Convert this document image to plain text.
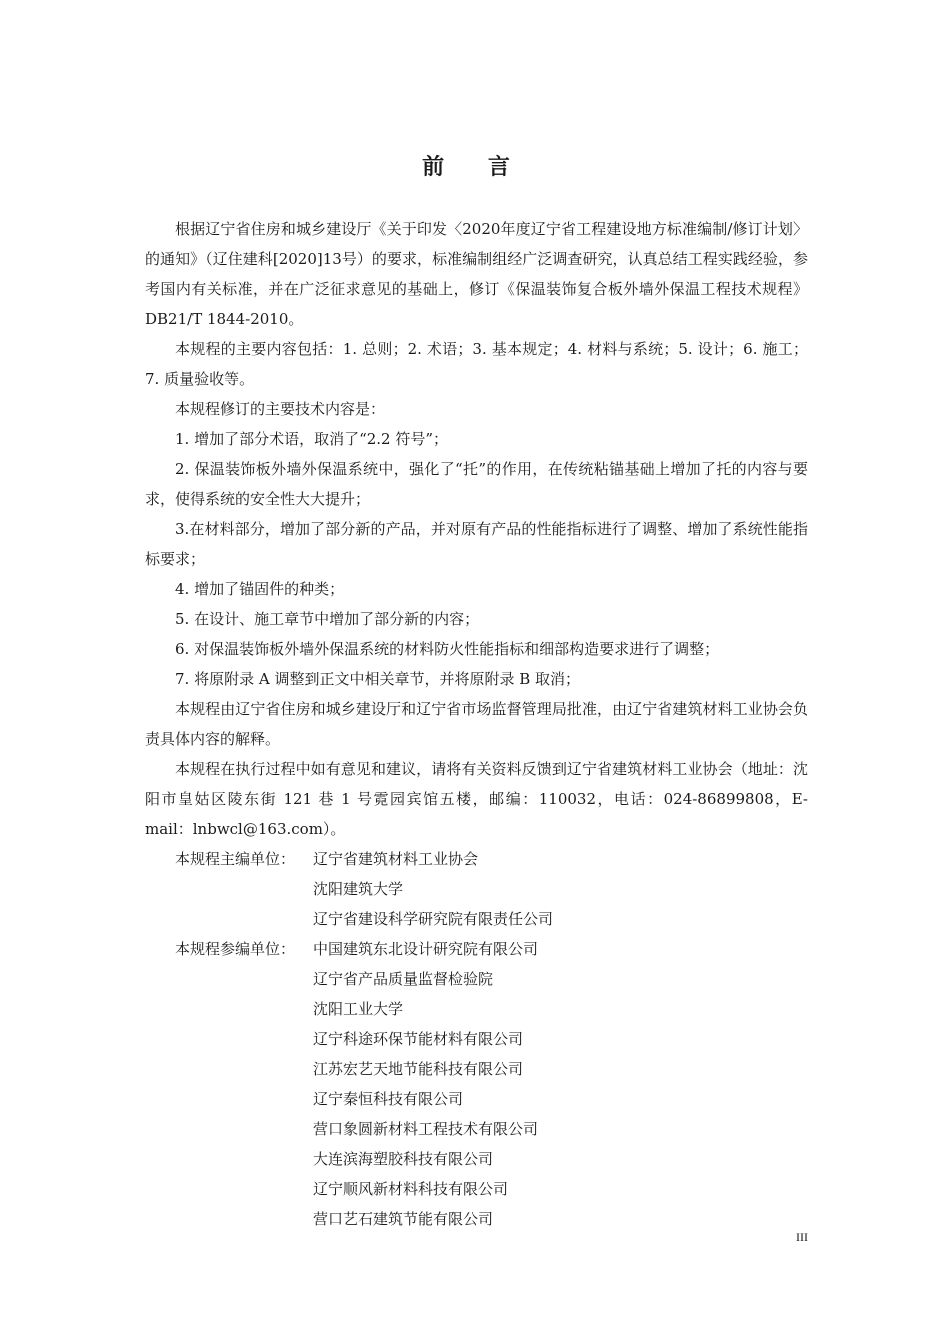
前 言

根据辽宁省住房和城乡建设厅《关于印发〈2020年度辽宁省工程建设地方标准编制/修订计划〉的通知》（辽住建科[2020]13号）的要求，标准编制组经广泛调查研究，认真总结工程实践经验，参考国内有关标准，并在广泛征求意见的基础上，修订《保温装饰复合板外墙外保温工程技术规程》DB21/T 1844-2010。

本规程的主要内容包括：1. 总则；2. 术语；3. 基本规定；4. 材料与系统；5. 设计；6. 施工；7. 质量验收等。

本规程修订的主要技术内容是：

1. 增加了部分术语，取消了“2.2 符号”；

2. 保温装饰板外墙外保温系统中，强化了“托”的作用，在传统粘锚基础上增加了托的内容与要求，使得系统的安全性大大提升；

3.在材料部分，增加了部分新的产品，并对原有产品的性能指标进行了调整、增加了系统性能指标要求；

4. 增加了锚固件的种类；

5. 在设计、施工章节中增加了部分新的内容；

6. 对保温装饰板外墙外保温系统的材料防火性能指标和细部构造要求进行了调整；

7. 将原附录 A 调整到正文中相关章节，并将原附录 B 取消；

本规程由辽宁省住房和城乡建设厅和辽宁省市场监督管理局批准，由辽宁省建筑材料工业协会负责具体内容的解释。

本规程在执行过程中如有意见和建议，请将有关资料反馈到辽宁省建筑材料工业协会（地址：沈阳市皇姑区陵东街 121 巷 1 号霓园宾馆五楼，邮编：110032，电话：024-86899808，E-mail：lnbwcl@163.com）。

本规程主编单位：	辽宁省建筑材料工业协会
沈阳建筑大学
辽宁省建设科学研究院有限责任公司
本规程参编单位：	中国建筑东北设计研究院有限公司
辽宁省产品质量监督检验院
沈阳工业大学
辽宁科途环保节能材料有限公司
江苏宏艺天地节能科技有限公司
辽宁秦恒科技有限公司
营口象圆新材料工程技术有限公司
大连滨海塑胶科技有限公司
辽宁顺风新材料科技有限公司
营口艺石建筑节能有限公司
III
